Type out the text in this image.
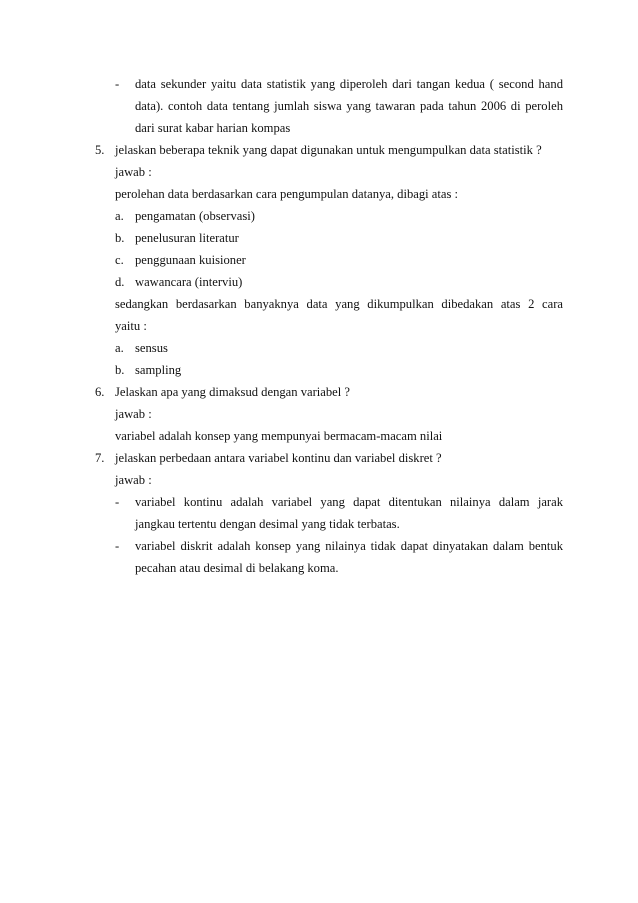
- data sekunder yaitu data statistik yang diperoleh dari tangan kedua ( second hand
data). contoh data tentang jumlah siswa yang tawaran pada tahun 2006 di peroleh
dari surat kabar harian kompas
5. jelaskan beberapa teknik yang dapat digunakan untuk mengumpulkan data statistik ?
jawab :
perolehan data berdasarkan cara pengumpulan datanya, dibagi atas :
a. pengamatan (observasi)
b. penelusuran literatur
c. penggunaan kuisioner
d. wawancara (interviu)
sedangkan berdasarkan banyaknya data yang dikumpulkan dibedakan atas 2 cara
yaitu :
a. sensus
b. sampling
6. Jelaskan apa yang dimaksud dengan variabel ?
jawab :
variabel adalah konsep yang mempunyai bermacam-macam nilai
7. jelaskan perbedaan antara variabel kontinu dan variabel diskret ?
jawab :
- variabel kontinu adalah variabel yang dapat ditentukan nilainya dalam jarak
jangkau tertentu dengan desimal yang tidak terbatas.
- variabel diskrit adalah konsep yang nilainya tidak dapat dinyatakan dalam bentuk
pecahan atau desimal di belakang koma.
